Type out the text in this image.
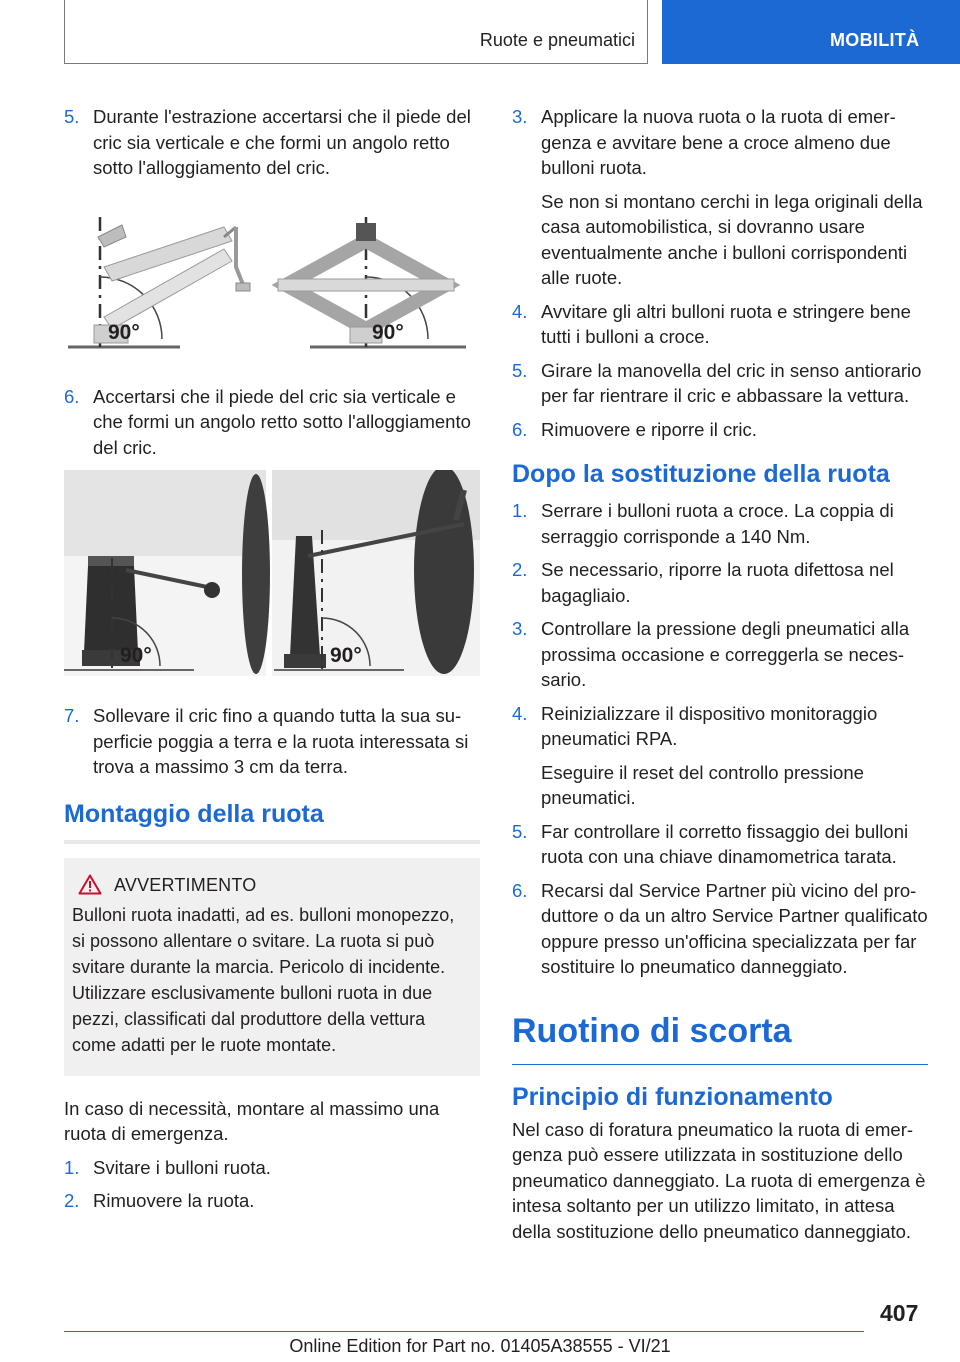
Ruote e pneumatici	MOBILITÀ
5. Durante l'estrazione accertarsi che il piede del cric sia verticale e che formi un angolo retto sotto l'alloggiamento del cric.
90°	90°
6. Accertarsi che il piede del cric sia verticale e che formi un angolo retto sotto l'alloggiamento del cric.
90°	90°
7. Sollevare il cric fino a quando tutta la sua superficie poggia a terra e la ruota interessata si trova a massimo 3 cm da terra.
Montaggio della ruota
AVVERTIMENTO
Bulloni ruota inadatti, ad es. bulloni monopezzo, si possono allentare o svitare. La ruota si può svitare durante la marcia. Pericolo di incidente. Utilizzare esclusivamente bulloni ruota in due pezzi, classificati dal produttore della vettura come adatti per le ruote montate.
In caso di necessità, montare al massimo una ruota di emergenza.
1. Svitare i bulloni ruota.
2. Rimuovere la ruota.
3. Applicare la nuova ruota o la ruota di emergenza e avvitare bene a croce almeno due bulloni ruota.
Se non si montano cerchi in lega originali della casa automobilistica, si dovranno usare eventualmente anche i bulloni corrispondenti alle ruote.
4. Avvitare gli altri bulloni ruota e stringere bene tutti i bulloni a croce.
5. Girare la manovella del cric in senso antiorario per far rientrare il cric e abbassare la vettura.
6. Rimuovere e riporre il cric.
Dopo la sostituzione della ruota
1. Serrare i bulloni ruota a croce. La coppia di serraggio corrisponde a 140 Nm.
2. Se necessario, riporre la ruota difettosa nel bagagliaio.
3. Controllare la pressione degli pneumatici alla prossima occasione e correggerla se necessario.
4. Reinizializzare il dispositivo monitoraggio pneumatici RPA.
Eseguire il reset del controllo pressione pneumatici.
5. Far controllare il corretto fissaggio dei bulloni ruota con una chiave dinamometrica tarata.
6. Recarsi dal Service Partner più vicino del produttore o da un altro Service Partner qualificato oppure presso un'officina specializzata per far sostituire lo pneumatico danneggiato.
Ruotino di scorta
Principio di funzionamento
Nel caso di foratura pneumatico la ruota di emergenza può essere utilizzata in sostituzione dello pneumatico danneggiato. La ruota di emergenza è intesa soltanto per un utilizzo limitato, in attesa della sostituzione dello pneumatico danneggiato.
407
Online Edition for Part no. 01405A38555 - VI/21
